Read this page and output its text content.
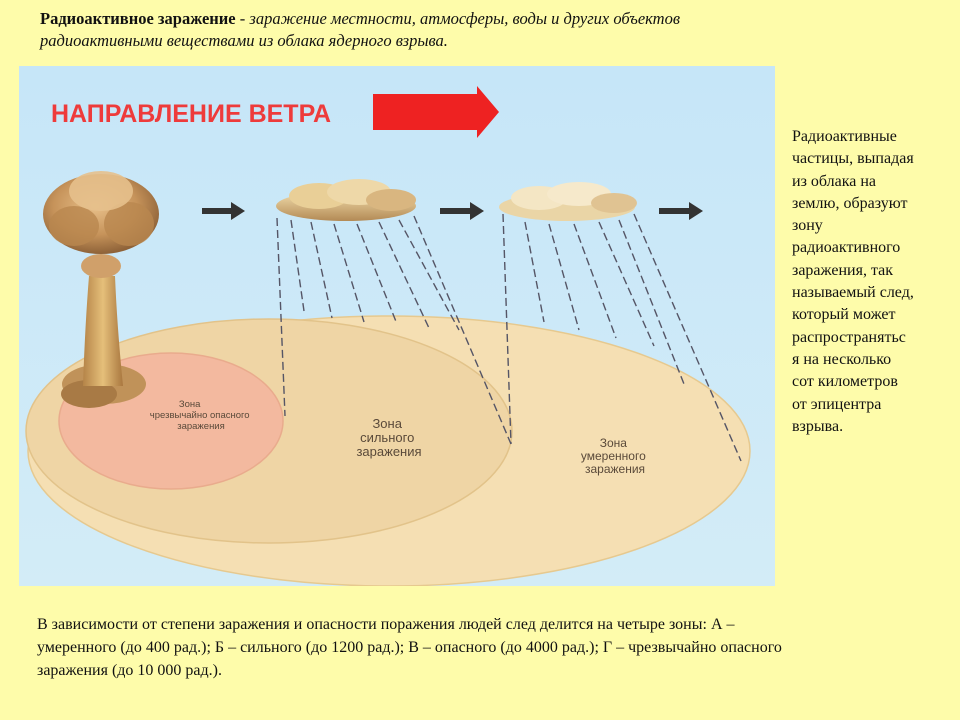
Радиоактивное заражение - заражение местности, атмосферы, воды и других объектов
радиоактивными веществами из облака ядерного взрыва.
НАПРАВЛЕНИЕ ВЕТРА
Зона чрезвычайно опасного заражения	Зона сильного заражения
Зона умеренного заражения
Радиоактивные
частицы, выпадая
из облака на
землю, образуют
зону
радиоактивного
заражения, так
называемый след,
который может
распространятьс
я на несколько
сот километров
от эпицентра
взрыва.
В зависимости от степени заражения и опасности поражения людей след делится на четыре зоны: А –
умеренного (до 400 рад.); Б – сильного (до 1200 рад.); В – опасного (до 4000 рад.); Г – чрезвычайно опасного
заражения (до 10 000 рад.).
